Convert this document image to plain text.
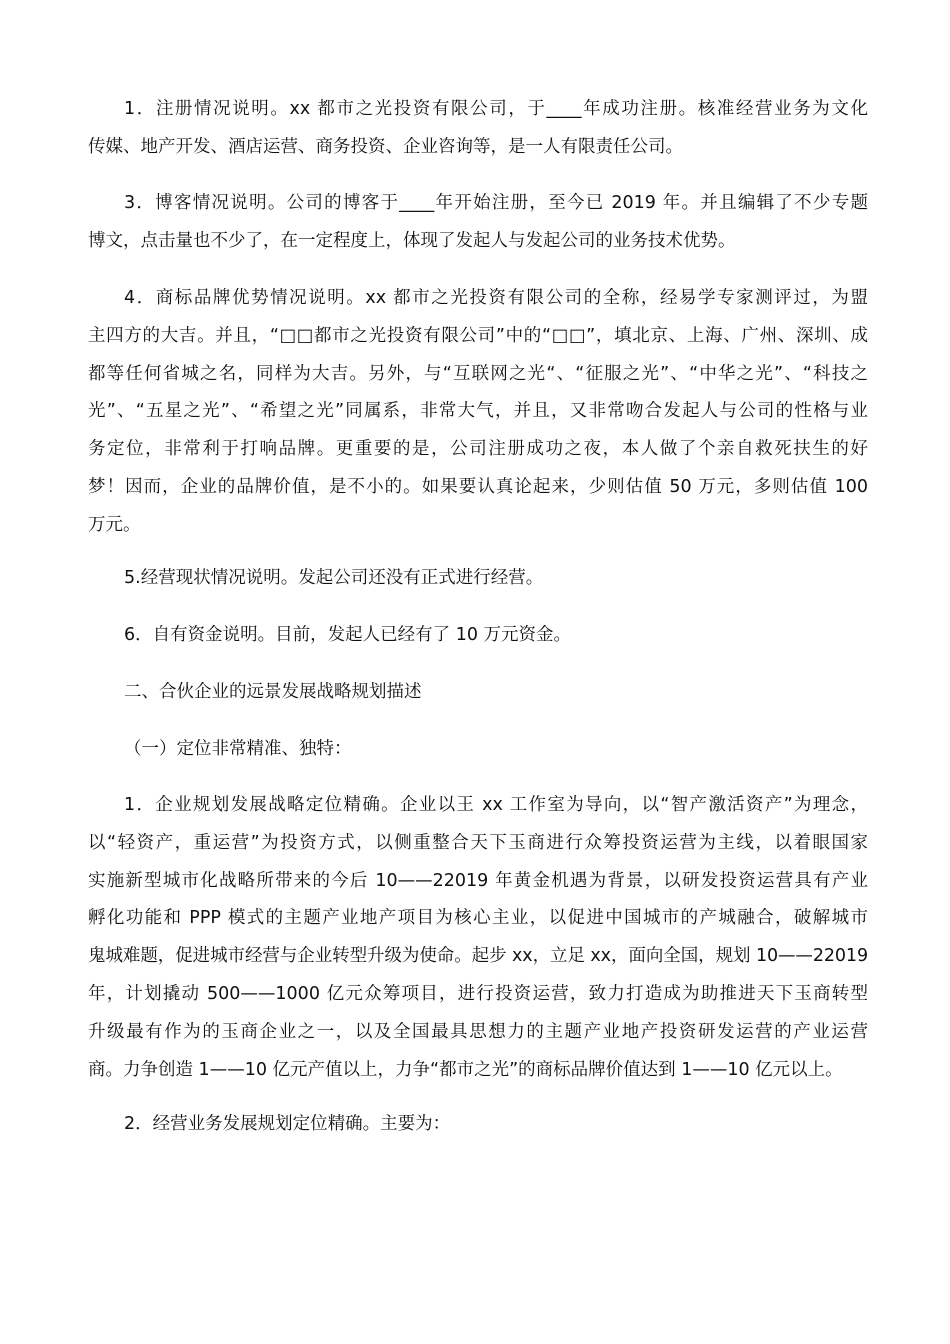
1．注册情况说明。xx 都市之光投资有限公司，于____年成功注册。核准经营业务为文化
传媒、地产开发、酒店运营、商务投资、企业咨询等，是一人有限责任公司。
3．博客情况说明。公司的博客于____年开始注册，至今已 2019 年。并且编辑了不少专题
博文，点击量也不少了，在一定程度上，体现了发起人与发起公司的业务技术优势。
4．商标品牌优势情况说明。xx 都市之光投资有限公司的全称，经易学专家测评过，为盟
主四方的大吉。并且，“□□都市之光投资有限公司”中的“□□”，填北京、上海、广州、深圳、成
都等任何省城之名，同样为大吉。另外，与“互联网之光“、“征服之光”、“中华之光”、“科技之
光”、“五星之光”、“希望之光”同属系，非常大气，并且，又非常吻合发起人与公司的性格与业
务定位，非常利于打响品牌。更重要的是，公司注册成功之夜，本人做了个亲自救死扶生的好
梦！因而，企业的品牌价值，是不小的。如果要认真论起来，少则估值 50 万元，多则估值 100
万元。
5.经营现状情况说明。发起公司还没有正式进行经营。
6．自有资金说明。目前，发起人已经有了 10 万元资金。
二、合伙企业的远景发展战略规划描述
（一）定位非常精准、独特：
1．企业规划发展战略定位精确。企业以王 xx 工作室为导向，以“智产激活资产”为理念，
以“轻资产，重运营”为投资方式，以侧重整合天下玉商进行众筹投资运营为主线，以着眼国家
实施新型城市化战略所带来的今后 10——22019 年黄金机遇为背景，以研发投资运营具有产业
孵化功能和 PPP 模式的主题产业地产项目为核心主业，以促进中国城市的产城融合，破解城市
鬼城难题，促进城市经营与企业转型升级为使命。起步 xx，立足 xx，面向全国，规划 10——22019
年，计划撬动 500——1000 亿元众筹项目，进行投资运营，致力打造成为助推进天下玉商转型
升级最有作为的玉商企业之一，以及全国最具思想力的主题产业地产投资研发运营的产业运营
商。力争创造 1——10 亿元产值以上，力争“都市之光”的商标品牌价值达到 1——10 亿元以上。
2．经营业务发展规划定位精确。主要为：
